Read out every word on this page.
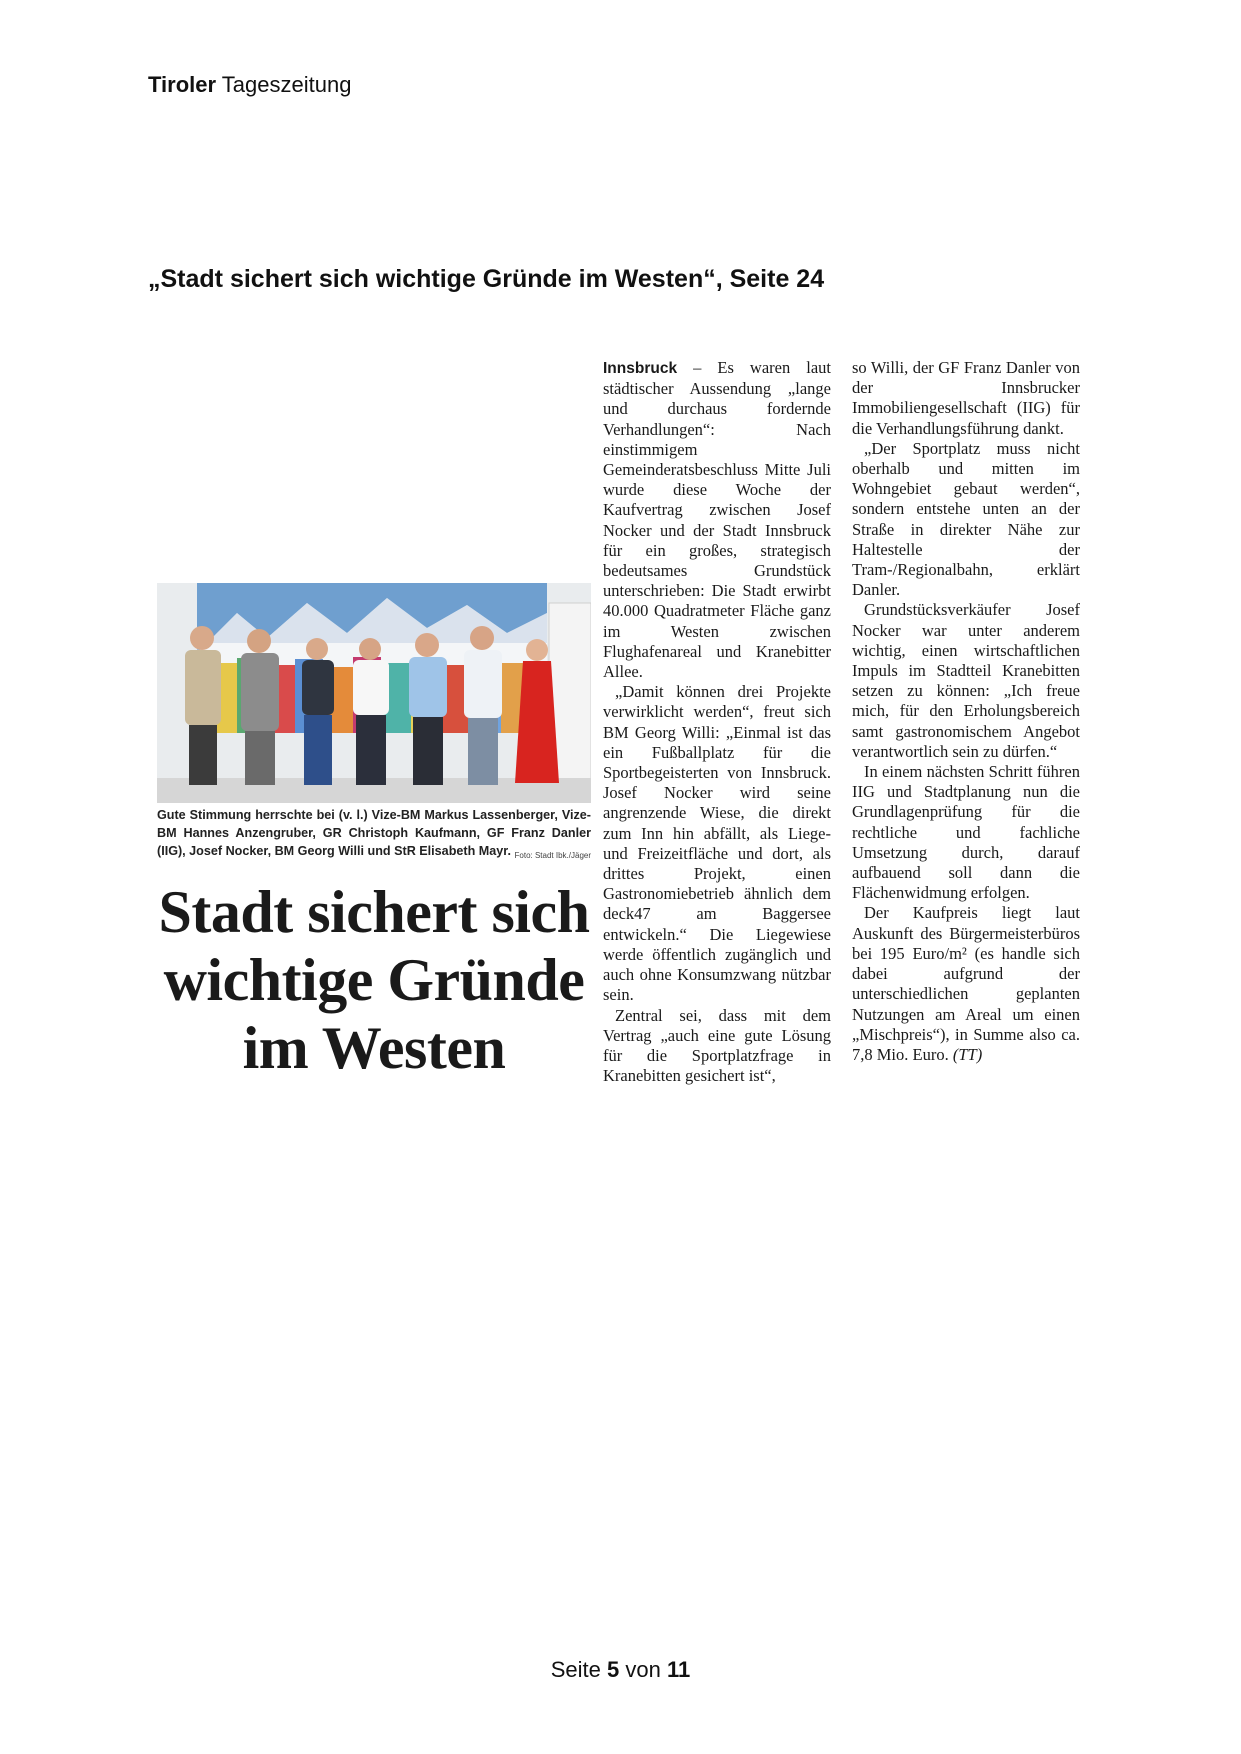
Tiroler Tageszeitung
„Stadt sichert sich wichtige Gründe im Westen“, Seite 24
Gute Stimmung herrschte bei (v. l.) Vize-BM Markus Lassenberger, Vize-BM Hannes Anzengruber, GR Christoph Kaufmann, GF Franz Danler (IIG), Josef Nocker, BM Georg Willi und StR Elisabeth Mayr. Foto: Stadt Ibk./Jäger
Stadt sichert sich
wichtige Gründe
im Westen

Innsbruck – Es waren laut städtischer Aussendung „lange und durchaus fordernde Verhandlungen“: Nach einstimmigem Gemeinderatsbeschluss Mitte Juli wurde diese Woche der Kaufvertrag zwischen Josef Nocker und der Stadt Innsbruck für ein großes, strategisch bedeutsames Grundstück unterschrieben: Die Stadt erwirbt 40.000 Quadratmeter Fläche ganz im Westen zwischen Flughafenareal und Kranebitter Allee.

„Damit können drei Projekte verwirklicht werden“, freut sich BM Georg Willi: „Einmal ist das ein Fußballplatz für die Sportbegeisterten von Innsbruck. Josef Nocker wird seine angrenzende Wiese, die direkt zum Inn hin abfällt, als Liege- und Freizeitfläche und dort, als drittes Projekt, einen Gastronomiebetrieb ähnlich dem deck47 am Baggersee entwickeln.“ Die Liegewiese werde öffentlich zugänglich und auch ohne Konsumzwang nützbar sein.

Zentral sei, dass mit dem Vertrag „auch eine gute Lösung für die Sportplatzfrage in Kranebitten gesichert ist“,

so Willi, der GF Franz Danler von der Innsbrucker Immobiliengesellschaft (IIG) für die Verhandlungsführung dankt.

„Der Sportplatz muss nicht oberhalb und mitten im Wohngebiet gebaut werden“, sondern entstehe unten an der Straße in direkter Nähe zur Haltestelle der Tram-/Regionalbahn, erklärt Danler.

Grundstücksverkäufer Josef Nocker war unter anderem wichtig, einen wirtschaftlichen Impuls im Stadtteil Kranebitten setzen zu können: „Ich freue mich, für den Erholungsbereich samt gastronomischem Angebot verantwortlich sein zu dürfen.“

In einem nächsten Schritt führen IIG und Stadtplanung nun die Grundlagenprüfung für die rechtliche und fachliche Umsetzung durch, darauf aufbauend soll dann die Flächenwidmung erfolgen.

Der Kaufpreis liegt laut Auskunft des Bürgermeisterbüros bei 195 Euro/m² (es handle sich dabei aufgrund der unterschiedlichen geplanten Nutzungen am Areal um einen „Mischpreis“), in Summe also ca. 7,8 Mio. Euro. (TT)

Seite 5 von 11
